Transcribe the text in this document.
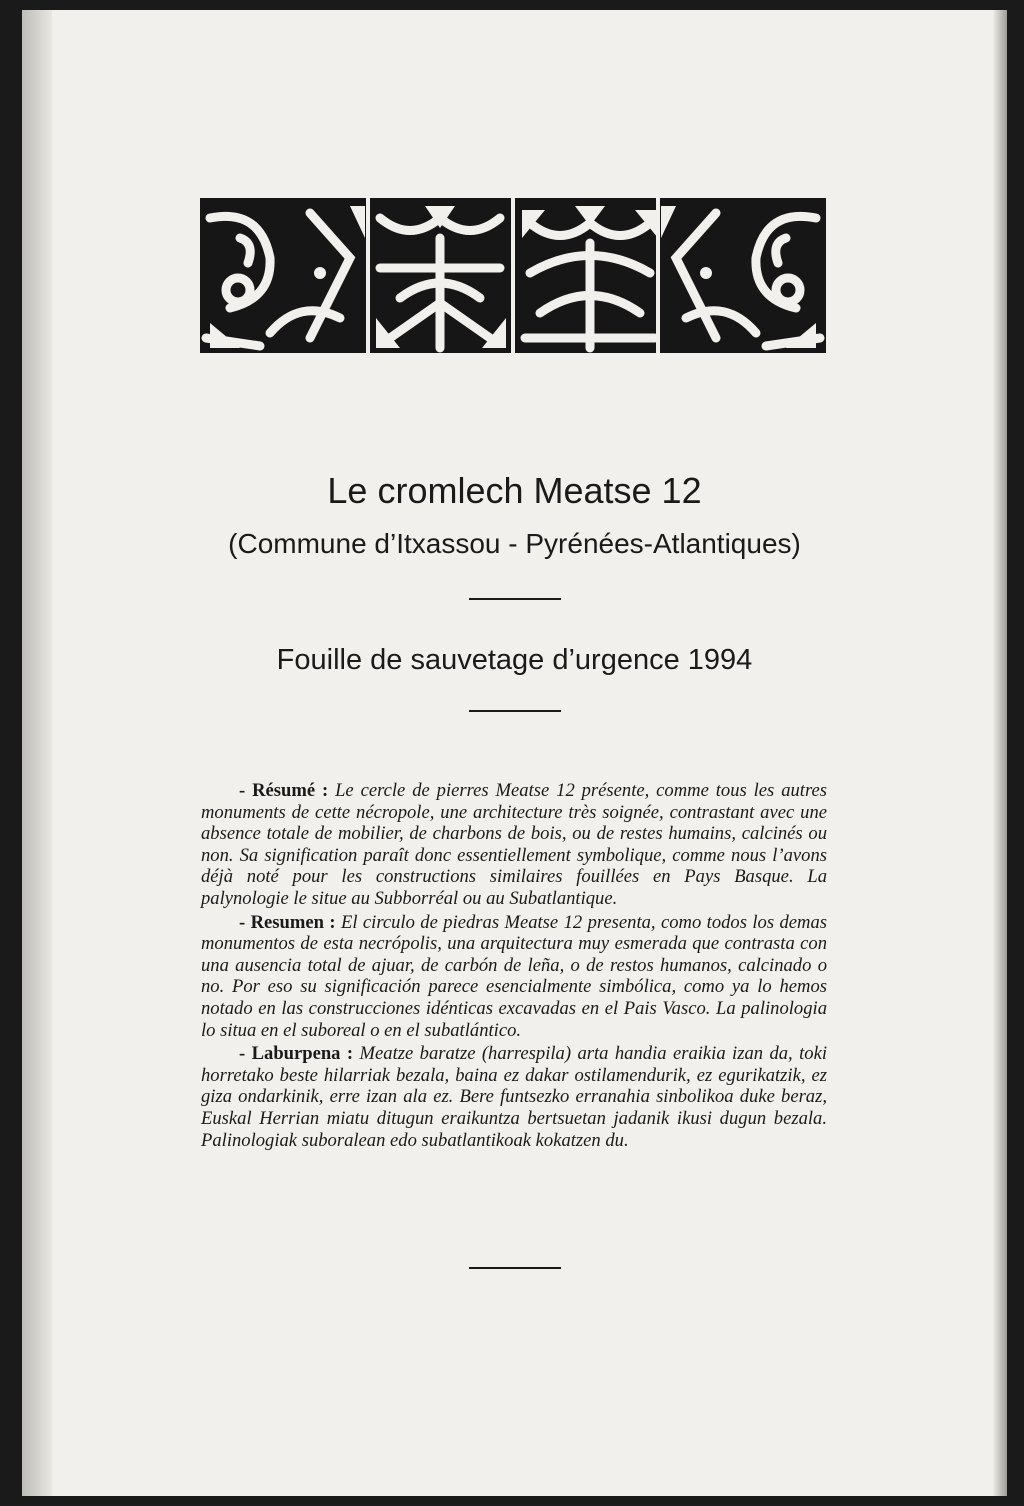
Le cromlech Meatse 12
(Commune d’Itxassou - Pyrénées-Atlantiques)
Fouille de sauvetage d’urgence 1994

- Résumé : Le cercle de pierres Meatse 12 présente, comme tous les autres monuments de cette nécropole, une architecture très soignée, contrastant avec une absence totale de mobilier, de charbons de bois, ou de restes humains, calcinés ou non. Sa signification paraît donc essentiellement symbolique, comme nous l’avons déjà noté pour les constructions similaires fouillées en Pays Basque. La palynologie le situe au Subborréal ou au Subatlantique.

- Resumen : El circulo de piedras Meatse 12 presenta, como todos los demas monumentos de esta necrópolis, una arquitectura muy esmerada que contrasta con una ausencia total de ajuar, de carbón de leña, o de restos humanos, calcinado o no. Por eso su significación parece esencialmente simbólica, como ya lo hemos notado en las construcciones idénticas excavadas en el Pais Vasco. La palinologia lo situa en el suboreal o en el subatlántico.

- Laburpena : Meatze baratze (harrespila) arta handia eraikia izan da, toki horretako beste hilarriak bezala, baina ez dakar ostilamendurik, ez egurikatzik, ez giza ondarkinik, erre izan ala ez. Bere funtsezko erranahia sinbolikoa duke beraz, Euskal Herrian miatu ditugun eraikuntza bertsuetan jadanik ikusi dugun bezala. Palinologiak suboralean edo subatlantikoak kokatzen du.
